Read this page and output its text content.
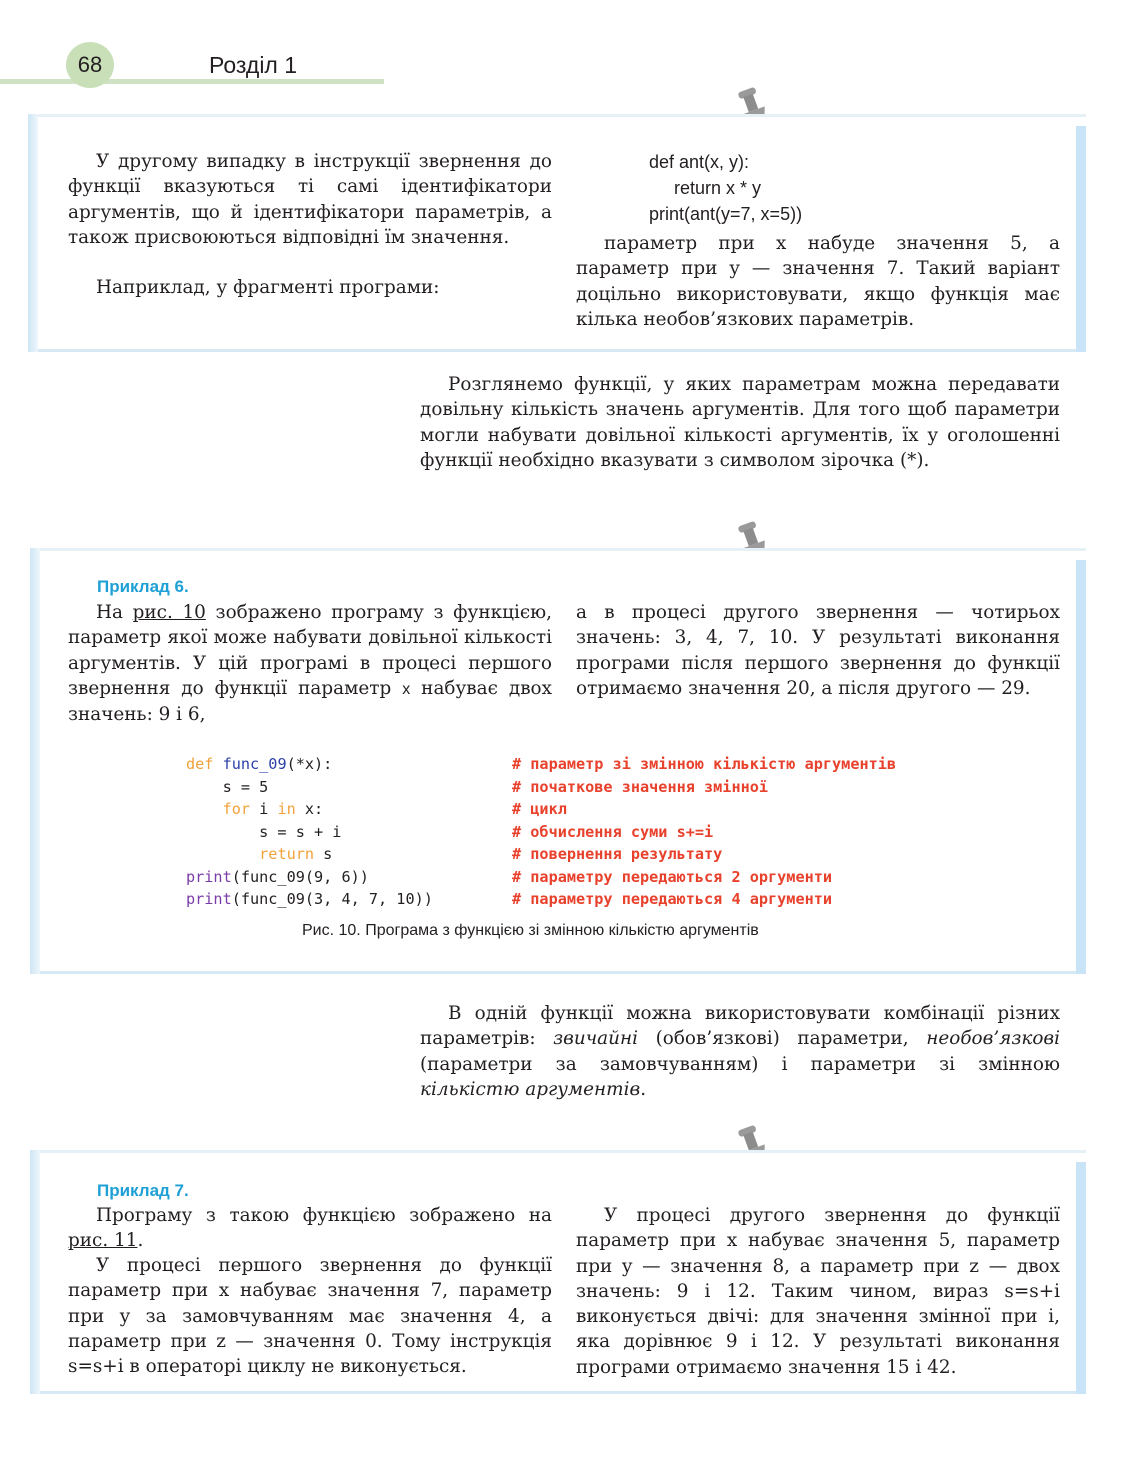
68	Розділ 1
У другому випадку в інструкції звернення до функції вказуються ті самі ідентифікатори аргументів, що й ідентифікатори параметрів, а також присвоюються відповідні їм значення.
Наприклад, у фрагменті програми:
def ant(x, y):
return x * y
print(ant(y=7, x=5))
параметр при x набуде значення 5, а параметр при y — значення 7. Такий варіант доцільно використовувати, якщо функція має кілька необов’язкових параметрів.
Розглянемо функції, у яких параметрам можна передавати довільну кількість значень аргументів. Для того щоб параметри могли набувати довільної кількості аргументів, їх у оголошенні функції необхідно вказувати з символом зірочка (*).
Приклад 6.
На рис. 10 зображено програму з функцією, параметр якої може набувати довільної кількості аргументів. У цій програмі в процесі першого звернення до функції параметр x набуває двох значень: 9 і 6,
а в процесі другого звернення — чотирьох значень: 3, 4, 7, 10. У результаті виконання програми після першого звернення до функції отримаємо значення 20, а після другого — 29.
def func_09(*x):	# параметр зі змінною кількістю аргументів
s = 5	# початкове значення змінної
for i in x:	# цикл
s = s + i	# обчислення суми s+=i
return s	# повернення результату
print(func_09(9, 6))	# параметру передаються 2 оргументи
print(func_09(3, 4, 7, 10))	# параметру передаються 4 аргументи
Рис. 10. Програма з функцією зі змінною кількістю аргументів
В одній функції можна використовувати комбінації різних параметрів: звичайні (обов’язкові) параметри, необов’язкові (параметри за замовчуванням) і параметри зі змінною кількістю аргументів.
Приклад 7.
Програму з такою функцією зображено на рис. 11.
У процесі першого звернення до функції параметр при x набуває значення 7, параметр при y за замовчуванням має значення 4, а параметр при z — значення 0. Тому інструкція s=s+i в операторі циклу не виконується.
У процесі другого звернення до функції параметр при x набуває значення 5, параметр при y — значення 8, а параметр при z — двох значень: 9 і 12. Таким чином, вираз s=s+i виконується двічі: для значення змінної при i, яка дорівнює 9 і 12. У результаті виконання програми отримаємо значення 15 і 42.
